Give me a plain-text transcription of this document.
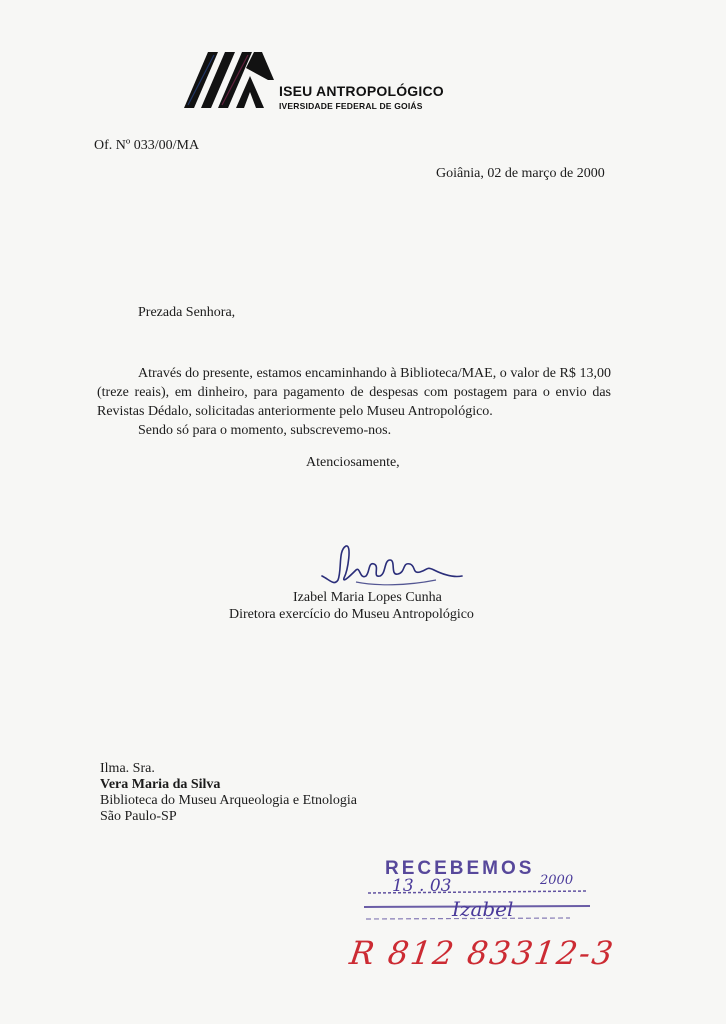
ISEU ANTROPOLÓGICO
IVERSIDADE FEDERAL DE GOIÁS
Of. Nº 033/00/MA
Goiânia, 02 de março de 2000
Prezada Senhora,

Através do presente, estamos encaminhando à Biblioteca/MAE, o valor de R$ 13,00 (treze reais), em dinheiro, para pagamento de despesas com postagem para o envio das Revistas Dédalo, solicitadas anteriormente pelo Museu Antropológico.

Sendo só para o momento, subscrevemo-nos.

Atenciosamente,
Izabel Maria Lopes Cunha
Diretora exercício do Museu Antropológico
Ilma. Sra.
Vera Maria da Silva
Biblioteca do Museu Arqueologia e Etnologia
São Paulo-SP
RECEBEMOS
13 . 03	2000
Izabel
R 812 83312-3
